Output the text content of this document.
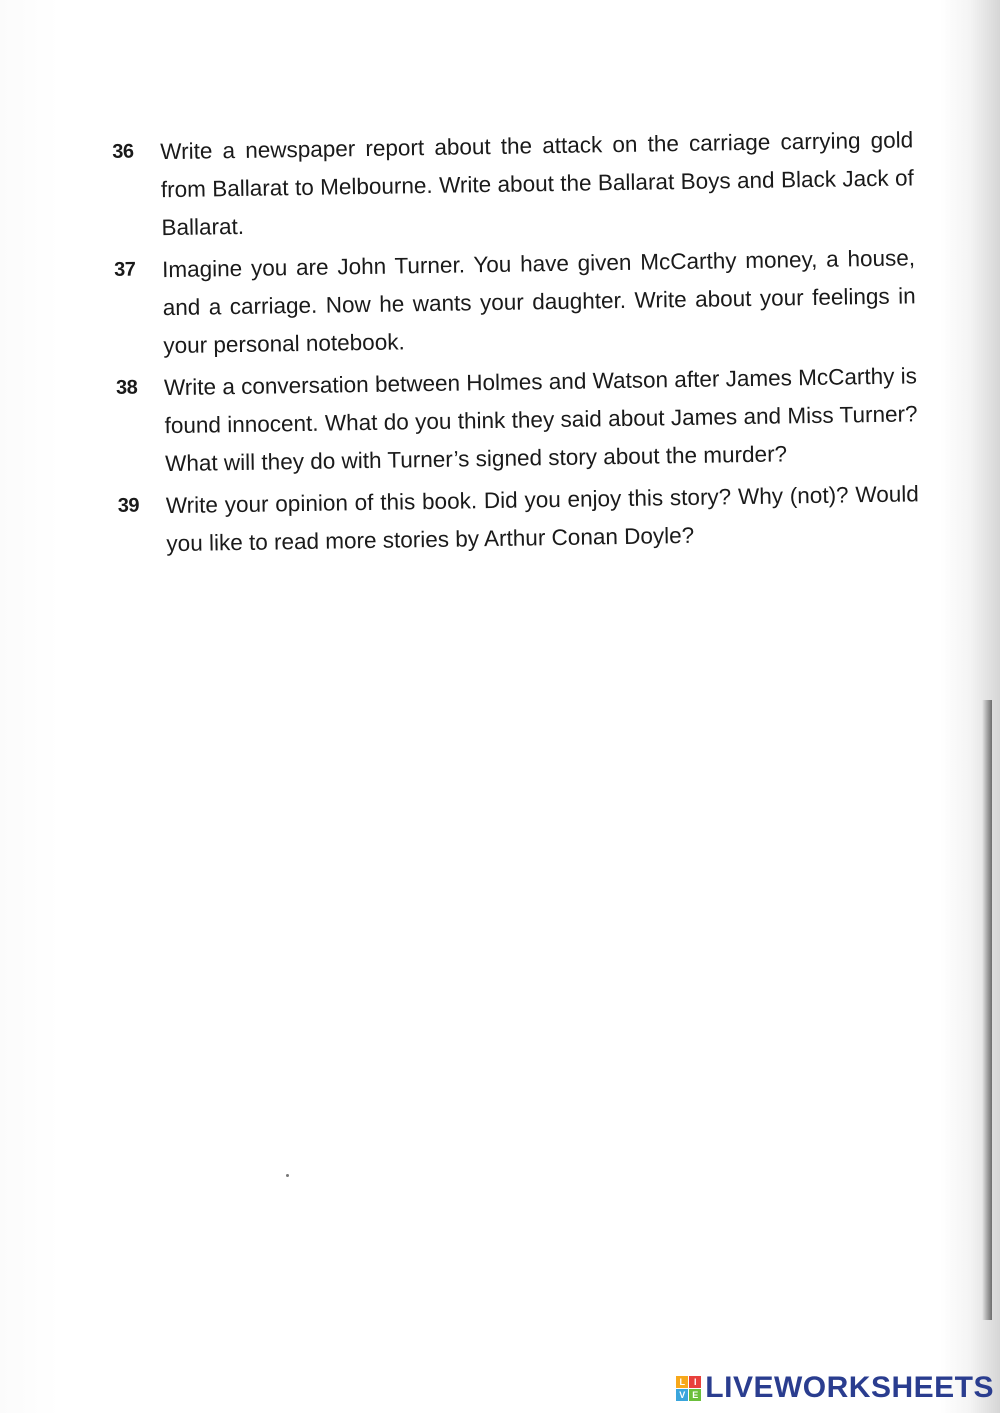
36 Write a newspaper report about the attack on the carriage carrying gold from Ballarat to Melbourne. Write about the Ballarat Boys and Black Jack of Ballarat.
37 Imagine you are John Turner. You have given McCarthy money, a house, and a carriage. Now he wants your daughter. Write about your feelings in your personal notebook.
38 Write a conversation between Holmes and Watson after James McCarthy is found innocent. What do you think they said about James and Miss Turner? What will they do with Turner’s signed story about the murder?
39 Write your opinion of this book. Did you enjoy this story? Why (not)? Would you like to read more stories by Arthur Conan Doyle?
L I
V E LIVEWORKSHEETS
